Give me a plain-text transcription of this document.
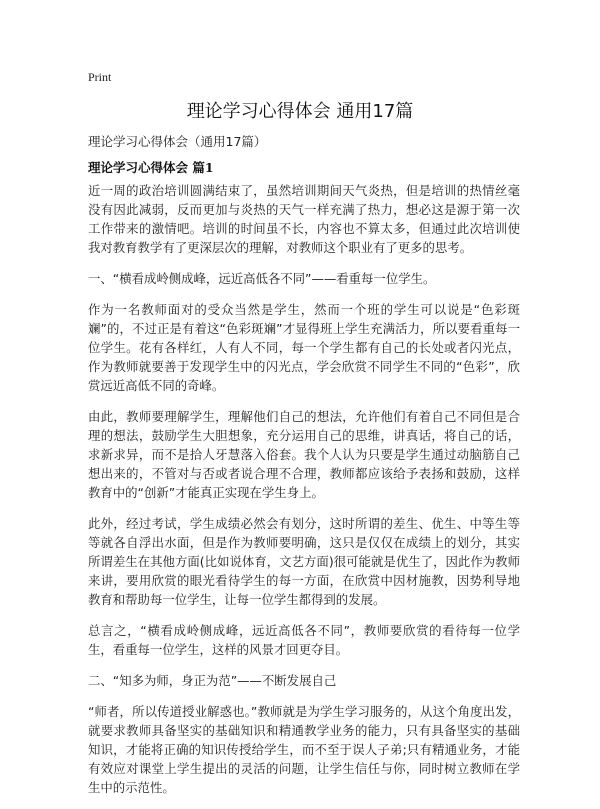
Print
理论学习心得体会 通用17篇
理论学习心得体会（通用17篇）
理论学习心得体会 篇1

近一周的政治培训圆满结束了，虽然培训期间天气炎热，但是培训的热情丝毫没有因此减弱，反而更加与炎热的天气一样充满了热力，想必这是源于第一次工作带来的激情吧。培训的时间虽不长，内容也不算太多，但通过此次培训使我对教育教学有了更深层次的理解，对教师这个职业有了更多的思考。

一、“横看成岭侧成峰，远近高低各不同”——看重每一位学生。

作为一名教师面对的受众当然是学生，然而一个班的学生可以说是“色彩斑斓”的，不过正是有着这“色彩斑斓”才显得班上学生充满活力，所以要看重每一位学生。花有各样红，人有人不同，每一个学生都有自己的长处或者闪光点，作为教师就要善于发现学生中的闪光点，学会欣赏不同学生不同的“色彩”，欣赏远近高低不同的奇峰。

由此，教师要理解学生，理解他们自己的想法，允许他们有着自己不同但是合理的想法，鼓励学生大胆想象，充分运用自己的思维，讲真话，将自己的话，求新求异，而不是拾人牙慧落入俗套。我个人认为只要是学生通过动脑筋自己想出来的，不管对与否或者说合理不合理，教师都应该给予表扬和鼓励，这样教育中的“创新”才能真正实现在学生身上。

此外，经过考试，学生成绩必然会有划分，这时所谓的差生、优生、中等生等等就各自浮出水面，但是作为教师要明确，这只是仅仅在成绩上的划分，其实所谓差生在其他方面(比如说体育，文艺方面)很可能就是优生了，因此作为教师来讲，要用欣赏的眼光看待学生的每一方面，在欣赏中因材施教，因势利导地教育和帮助每一位学生，让每一位学生都得到的发展。

总言之，“横看成岭侧成峰，远近高低各不同”，教师要欣赏的看待每一位学生，看重每一位学生，这样的风景才回更夺目。

二、“知多为师，身正为范”——不断发展自己

“师者，所以传道授业解惑也。”教师就是为学生学习服务的，从这个角度出发，就要求教师具备坚实的基础知识和精通教学业务的能力，只有具备坚实的基础知识，才能将正确的知识传授给学生，而不至于误人子弟;只有精通业务，才能有效应对课堂上学生提出的灵活的问题，让学生信任与你，同时树立教师在学生中的示范性。
